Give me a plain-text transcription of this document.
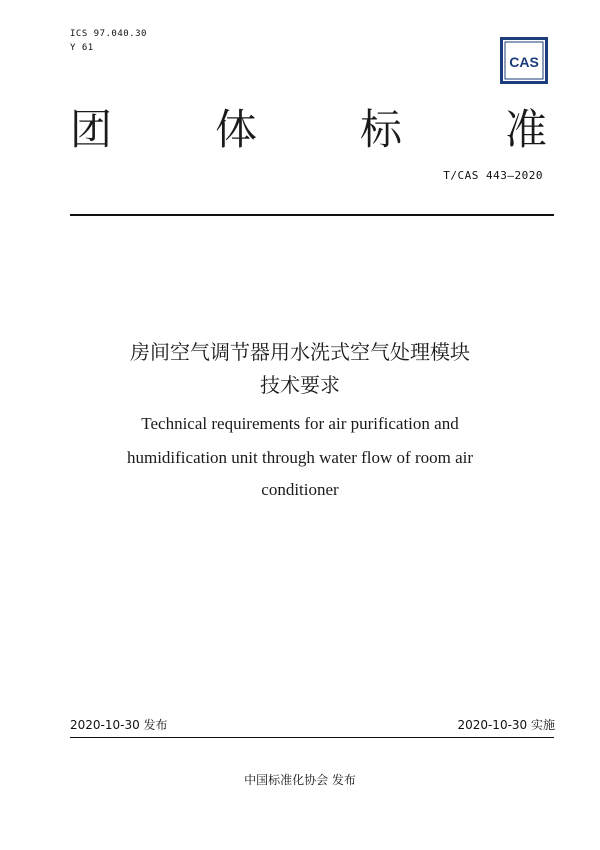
ICS 97.040.30
Y 61
CAS
团 体 标 准
T/CAS 443—2020
房间空气调节器用水洗式空气处理模块
技术要求
Technical requirements for air purification and
humidification unit through water flow of room air
conditioner
2020-10-30 发布	2020-10-30 实施
中国标准化协会 发布
